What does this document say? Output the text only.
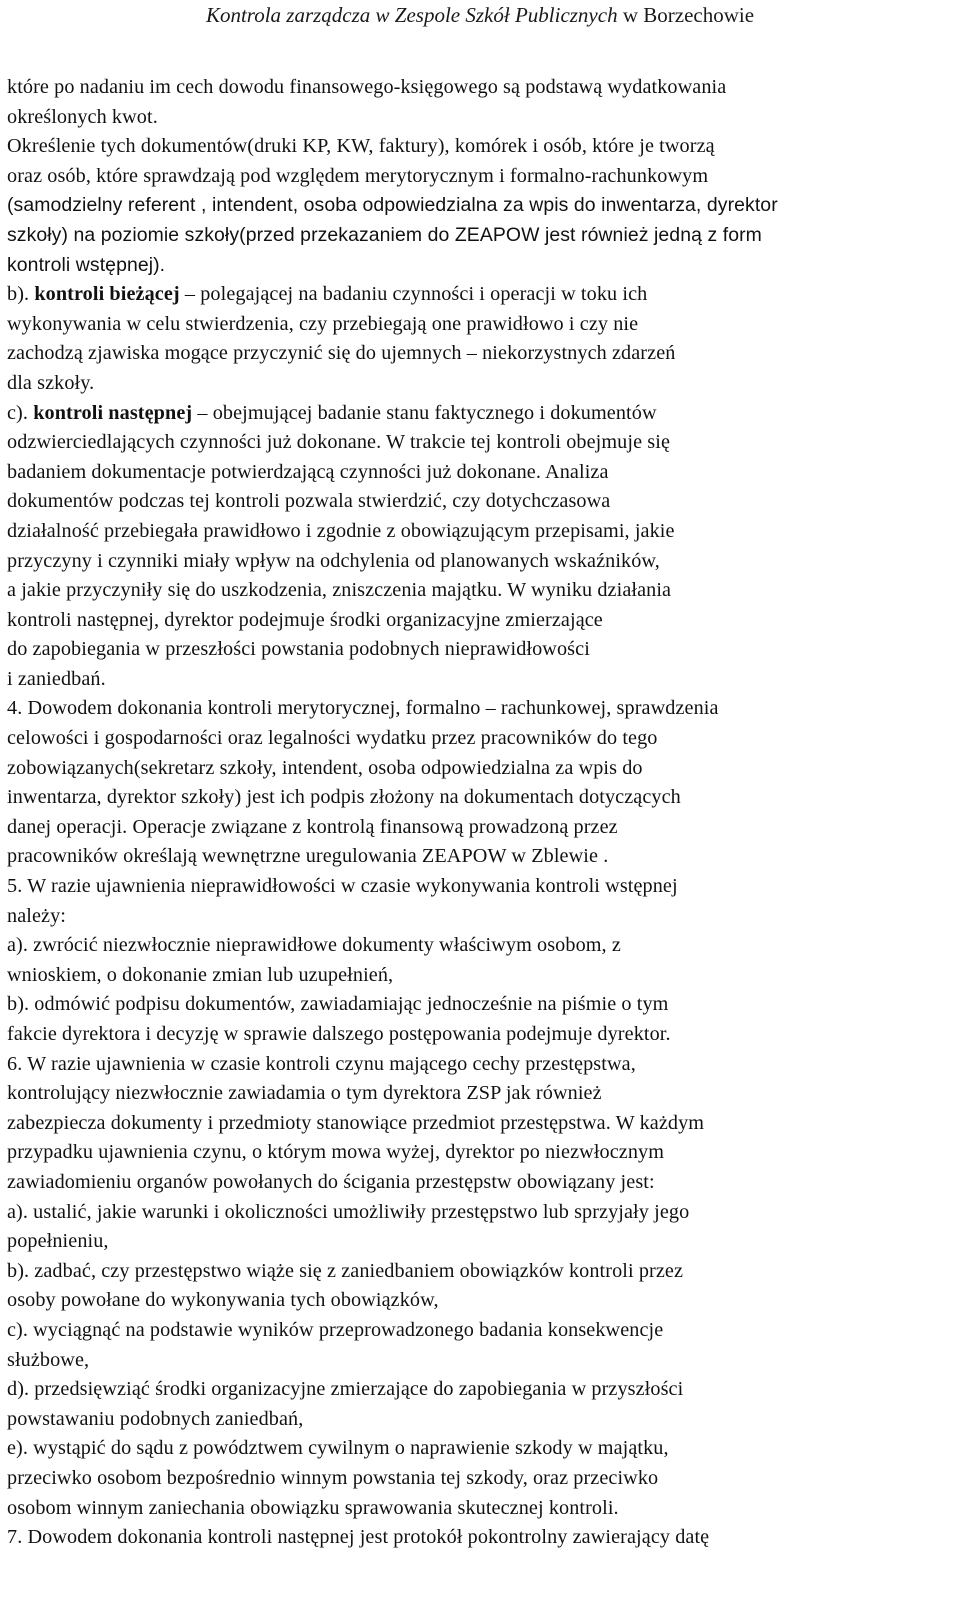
Kontrola zarządcza w Zespole Szkół Publicznych w Borzechowie
które po nadaniu im cech dowodu finansowego-księgowego są podstawą wydatkowania
określonych kwot.
Określenie tych dokumentów(druki KP, KW, faktury), komórek i osób, które je tworzą
oraz osób, które sprawdzają pod względem merytorycznym i formalno-rachunkowym
(samodzielny referent , intendent, osoba odpowiedzialna za wpis do inwentarza, dyrektor
szkoły) na poziomie szkoły(przed przekazaniem do ZEAPOW jest również jedną z form
kontroli wstępnej).
b). kontroli bieżącej – polegającej na badaniu czynności i operacji w toku ich
wykonywania w celu stwierdzenia, czy przebiegają one prawidłowo i czy nie
zachodzą zjawiska mogące przyczynić się do ujemnych – niekorzystnych zdarzeń
dla szkoły.
c). kontroli następnej – obejmującej badanie stanu faktycznego i dokumentów
odzwierciedlających czynności już dokonane. W trakcie tej kontroli obejmuje się
badaniem dokumentacje potwierdzającą czynności już dokonane. Analiza
dokumentów podczas tej kontroli pozwala stwierdzić, czy dotychczasowa
działalność przebiegała prawidłowo i zgodnie z obowiązującym przepisami, jakie
przyczyny i czynniki miały wpływ na odchylenia od planowanych wskaźników,
a jakie przyczyniły się do uszkodzenia, zniszczenia majątku. W wyniku działania
kontroli następnej, dyrektor podejmuje środki organizacyjne zmierzające
do zapobiegania w przeszłości powstania podobnych nieprawidłowości
i zaniedbań.
4. Dowodem dokonania kontroli merytorycznej, formalno – rachunkowej, sprawdzenia
celowości i gospodarności oraz legalności wydatku przez pracowników do tego
zobowiązanych(sekretarz szkoły, intendent, osoba odpowiedzialna za wpis do
inwentarza, dyrektor szkoły) jest ich podpis złożony na dokumentach dotyczących
danej operacji. Operacje związane z kontrolą finansową prowadzoną przez
pracowników określają wewnętrzne uregulowania ZEAPOW w Zblewie .
5. W razie ujawnienia nieprawidłowości w czasie wykonywania kontroli wstępnej
należy:
a). zwrócić niezwłocznie nieprawidłowe dokumenty właściwym osobom, z
wnioskiem, o dokonanie zmian lub uzupełnień,
b). odmówić podpisu dokumentów, zawiadamiając jednocześnie na piśmie o tym
fakcie dyrektora i decyzję w sprawie dalszego postępowania podejmuje dyrektor.
6. W razie ujawnienia w czasie kontroli czynu mającego cechy przestępstwa,
kontrolujący niezwłocznie zawiadamia o tym dyrektora ZSP jak również
zabezpiecza dokumenty i przedmioty stanowiące przedmiot przestępstwa. W każdym
przypadku ujawnienia czynu, o którym mowa wyżej, dyrektor po niezwłocznym
zawiadomieniu organów powołanych do ścigania przestępstw obowiązany jest:
a). ustalić, jakie warunki i okoliczności umożliwiły przestępstwo lub sprzyjały jego
popełnieniu,
b). zadbać, czy przestępstwo wiąże się z zaniedbaniem obowiązków kontroli przez
osoby powołane do wykonywania tych obowiązków,
c). wyciągnąć na podstawie wyników przeprowadzonego badania konsekwencje
służbowe,
d). przedsięwziąć środki organizacyjne zmierzające do zapobiegania w przyszłości
powstawaniu podobnych zaniedbań,
e). wystąpić do sądu z powództwem cywilnym o naprawienie szkody w majątku,
przeciwko osobom bezpośrednio winnym powstania tej szkody, oraz przeciwko
osobom winnym zaniechania obowiązku sprawowania skutecznej kontroli.
7. Dowodem dokonania kontroli następnej jest protokół pokontrolny zawierający datę
